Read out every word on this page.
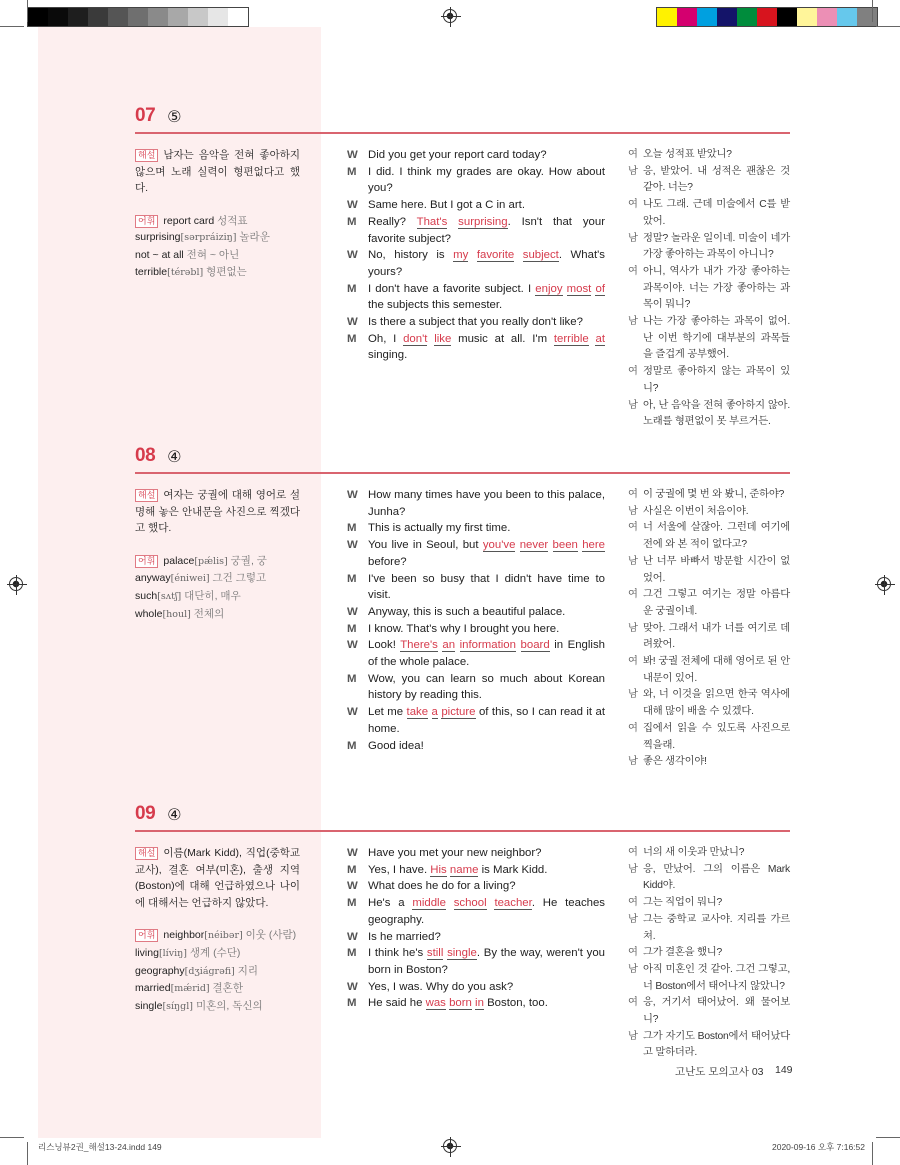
07 ⑤
해설 남자는 음악을 전혀 좋아하지 않으며 노래 실력이 형편없다고 했다.
어휘 report card 성적표
surprising[sərpráiziŋ] 놀라운
not ~ at all 전혀 ~ 아닌
terrible[térəbl] 형편없는
W Did you get your report card today?
M	I did. I think my grades are okay. How about you?
W Same here. But I got a C in art.
M	Really? That's surprising. Isn't that your favorite subject?
W No, history is my favorite subject. What's yours?
M	I don't have a favorite subject. I enjoy most of the subjects this semester.
W Is there a subject that you really don't like?
M	Oh, I don't like music at all. I'm terrible at singing.
여 오늘 성적표 받았니?
남 응, 받았어. 내 성적은 괜찮은 것 같아. 너는?
여 나도 그래. 근데 미술에서 C를 받았어.
남 정말? 놀라운 일이네. 미술이 네가 가장 좋아하는 과목이 아니니?
여 아니, 역사가 내가 가장 좋아하는 과목이야. 너는 가장 좋아하는 과목이 뭐니?
남 나는 가장 좋아하는 과목이 없어. 난 이번 학기에 대부분의 과목들을 즐겁게 공부했어.
여 정말로 좋아하지 않는 과목이 있니?
남 아, 난 음악을 전혀 좋아하지 않아. 노래를 형편없이 못 부르거든.
08 ④
해설 여자는 궁궐에 대해 영어로 설명해 놓은 안내문을 사진으로 찍겠다고 했다.
어휘 palace[pǽlis] 궁궐, 궁
anyway[éniwei] 그건 그렇고
such[sʌtʃ] 대단히, 매우
whole[houl] 전체의
W How many times have you been to this palace, Junha?
M	This is actually my first time.
W You live in Seoul, but you've never been here before?
M	I've been so busy that I didn't have time to visit.
W Anyway, this is such a beautiful palace.
M	I know. That's why I brought you here.
W Look! There's an information board in English of the whole palace.
M	Wow, you can learn so much about Korean history by reading this.
W Let me take a picture of this, so I can read it at home.
M	Good idea!
여 이 궁궐에 몇 번 와 봤니, 준하야?
남 사실은 이번이 처음이야.
여 너 서울에 살잖아. 그런데 여기에 전에 와 본 적이 없다고?
남 난 너무 바빠서 방문할 시간이 없었어.
여 그건 그렇고 여기는 정말 아름다운 궁궐이네.
남 맞아. 그래서 내가 너를 여기로 데려왔어.
여 봐! 궁궐 전체에 대해 영어로 된 안내문이 있어.
남 와, 너 이것을 읽으면 한국 역사에 대해 많이 배울 수 있겠다.
여 집에서 읽을 수 있도록 사진으로 찍을래.
남 좋은 생각이야!
09 ④
해설 이름(Mark Kidd), 직업(중학교 교사), 결혼 여부(미혼), 출생 지역(Boston)에 대해 언급하였으나 나이에 대해서는 언급하지 않았다.
어휘 neighbor[néibər] 이웃 (사람)
living[líviŋ] 생계 (수단)
geography[dʒiágrəfi] 지리
married[mǽrid] 결혼한
single[síŋgl] 미혼의, 독신의
W Have you met your new neighbor?
M	Yes, I have. His name is Mark Kidd.
W What does he do for a living?
M	He's a middle school teacher. He teaches geography.
W Is he married?
M	I think he's still single. By the way, weren't you born in Boston?
W Yes, I was. Why do you ask?
M	He said he was born in Boston, too.
여 너의 새 이웃과 만났니?
남 응, 만났어. 그의 이름은 Mark Kidd야.
여 그는 직업이 뭐니?
남 그는 중학교 교사야. 지리를 가르쳐.
여 그가 결혼을 했니?
남 아직 미혼인 것 같아. 그건 그렇고, 너 Boston에서 태어나지 않았니?
여 응, 거기서 태어났어. 왜 물어보니?
남 그가 자기도 Boston에서 태어났다고 말하더라.
고난도 모의고사 03 149
리스닝뷰2권_해설13-24.indd 149	2020-09-16 오후 7:16:52
